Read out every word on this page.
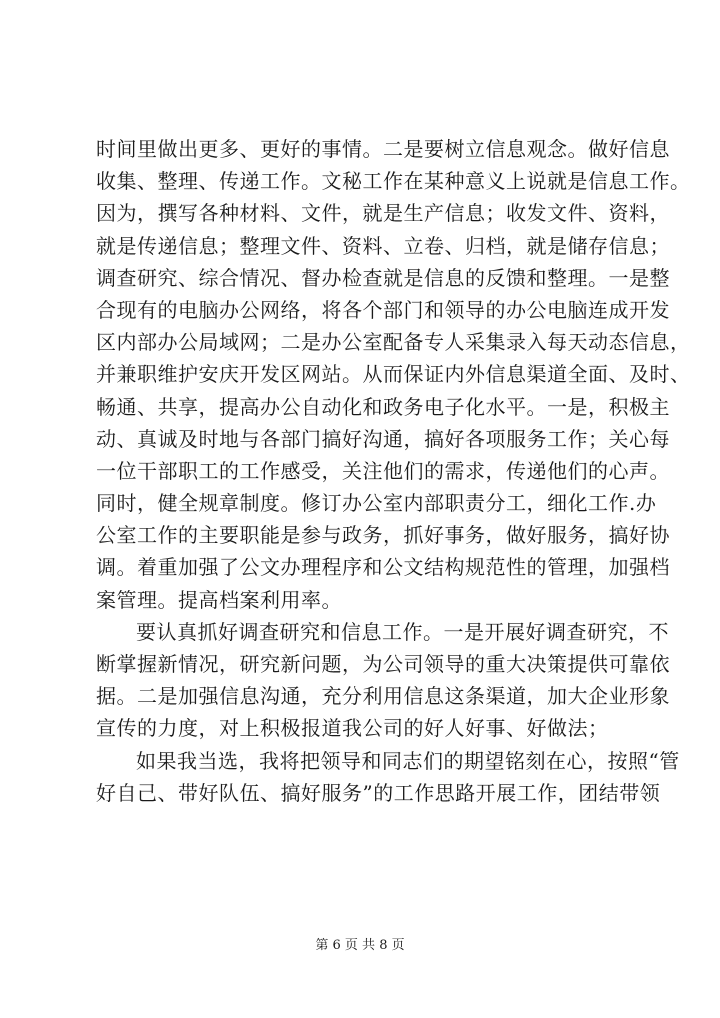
时间里做出更多、更好的事情。二是要树立信息观念。做好信息
收集、整理、传递工作。文秘工作在某种意义上说就是信息工作。
因为，撰写各种材料、文件，就是生产信息；收发文件、资料，
就是传递信息；整理文件、资料、立卷、归档，就是储存信息；
调查研究、综合情况、督办检查就是信息的反馈和整理。一是整
合现有的电脑办公网络，将各个部门和领导的办公电脑连成开发
区内部办公局域网；二是办公室配备专人采集录入每天动态信息，
并兼职维护安庆开发区网站。从而保证内外信息渠道全面、及时、
畅通、共享，提高办公自动化和政务电子化水平。一是，积极主
动、真诚及时地与各部门搞好沟通，搞好各项服务工作；关心每
一位干部职工的工作感受，关注他们的需求，传递他们的心声。
同时，健全规章制度。修订办公室内部职责分工，细化工作.办
公室工作的主要职能是参与政务，抓好事务，做好服务，搞好协
调。着重加强了公文办理程序和公文结构规范性的管理，加强档
案管理。提高档案利用率。
要认真抓好调查研究和信息工作。一是开展好调查研究，不
断掌握新情况，研究新问题，为公司领导的重大决策提供可靠依
据。二是加强信息沟通，充分利用信息这条渠道，加大企业形象
宣传的力度，对上积极报道我公司的好人好事、好做法；
如果我当选，我将把领导和同志们的期望铭刻在心，按照“管
好自己、带好队伍、搞好服务”的工作思路开展工作，团结带领
第 6 页 共 8 页
